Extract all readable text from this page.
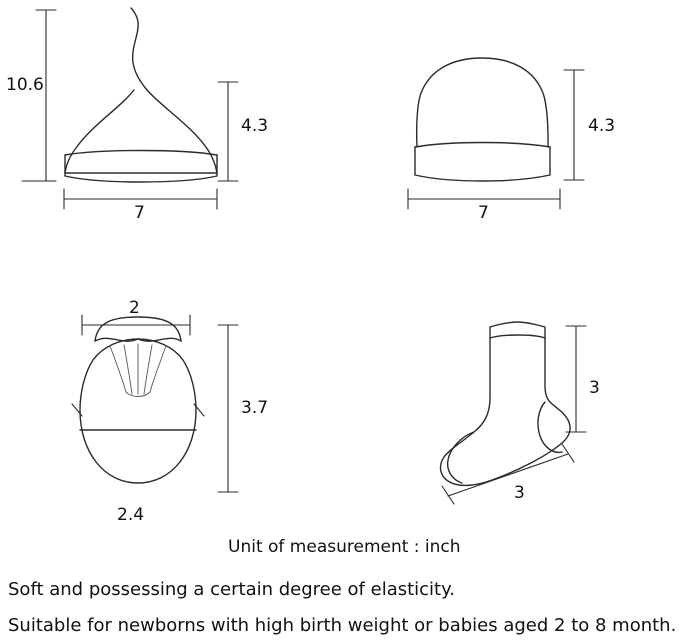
10.6
4.3
7
4.3
7
2
3.7
2.4
3
3
Unit of measurement : inch
Soft and possessing a certain degree of elasticity.
Suitable for newborns with high birth weight or babies aged 2 to 8 month.
